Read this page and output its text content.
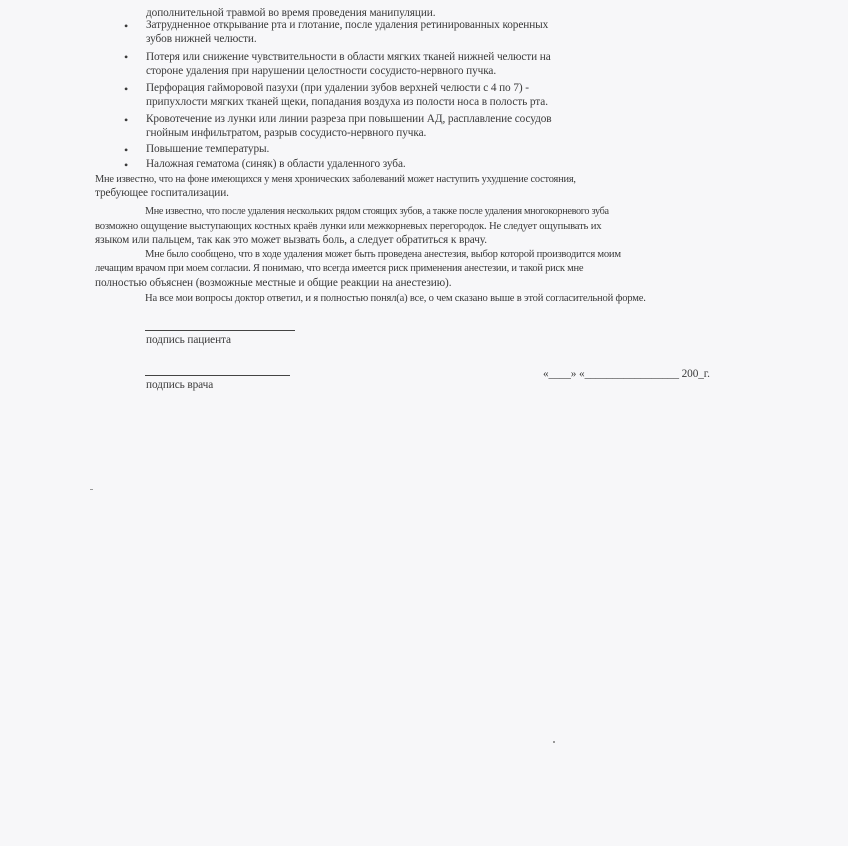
дополнительной травмой во время проведения манипуляции.
• Затрудненное открывание рта и глотание, после удаления ретинированных коренных
зубов нижней челюсти.
• Потеря или снижение чувствительности в области мягких тканей нижней челюсти на
стороне удаления при нарушении целостности сосудисто-нервного пучка.
• Перфорация гайморовой пазухи (при удалении зубов верхней челюсти с 4 по 7) -
припухлости мягких тканей щеки, попадания воздуха из полости носа в полость рта.
• Кровотечение из лунки или линии разреза при повышении АД, расплавление сосудов
гнойным инфильтратом, разрыв сосудисто-нервного пучка.
• Повышение температуры.
• Наложная гематома (синяк) в области удаленного зуба.
Мне известно, что на фоне имеющихся у меня хронических заболеваний может наступить ухудшение состояния,
требующее госпитализации.
Мне известно, что после удаления нескольких рядом стоящих зубов, а также после удаления многокорневого зуба
возможно ощущение выступающих костных краёв лунки или межкорневых перегородок. Не следует ощупывать их
языком или пальцем, так как это может вызвать боль, а следует обратиться к врачу.
Мне было сообщено, что в ходе удаления может быть проведена анестезия, выбор которой производится моим
лечащим врачом при моем согласии. Я понимаю, что всегда имеется риск применения анестезии, и такой риск мне
полностью объяснен (возможные местные и общие реакции на анестезию).
На все мои вопросы доктор ответил, и я полностью понял(а) все, о чем сказано выше в этой согласительной форме.
подпись пациента
подпись врача
«____» «_________________ 200_г.
